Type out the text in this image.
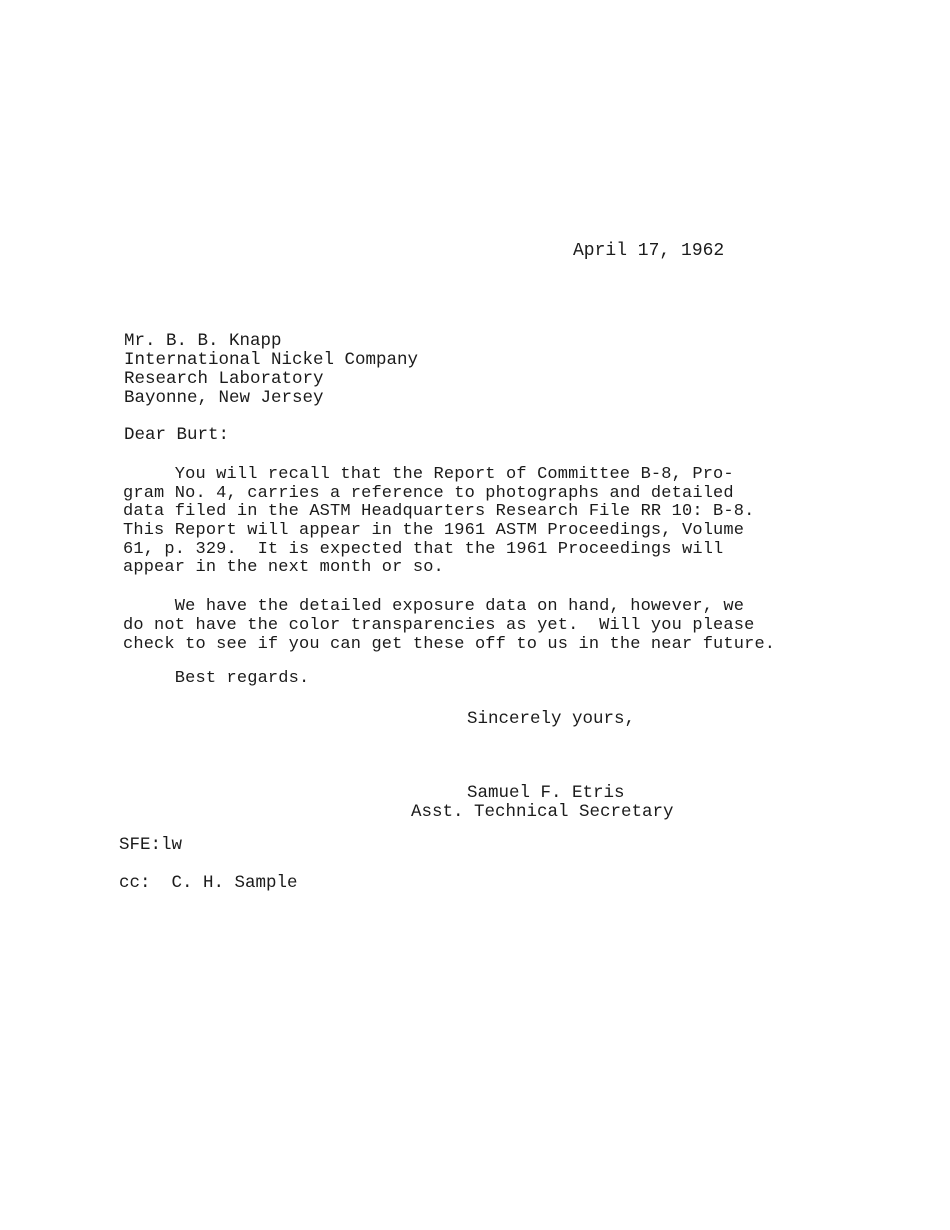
April 17, 1962
Mr. B. B. Knapp
International Nickel Company
Research Laboratory
Bayonne, New Jersey
Dear Burt:
You will recall that the Report of Committee B-8, Pro-
gram No. 4, carries a reference to photographs and detailed
data filed in the ASTM Headquarters Research File RR 10: B-8.
This Report will appear in the 1961 ASTM Proceedings, Volume
61, p. 329.  It is expected that the 1961 Proceedings will
appear in the next month or so.
We have the detailed exposure data on hand, however, we
do not have the color transparencies as yet.  Will you please
check to see if you can get these off to us in the near future.
Best regards.
Sincerely yours,
Samuel F. Etris
Asst. Technical Secretary
SFE:lw
cc:  C. H. Sample
